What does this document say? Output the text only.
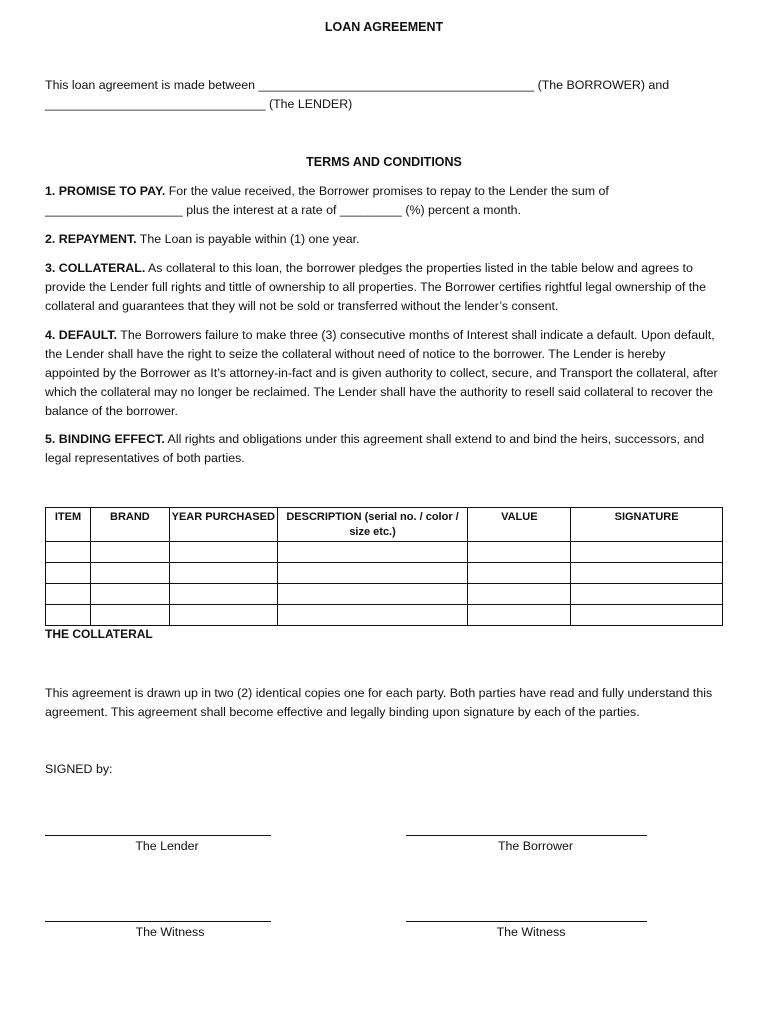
LOAN AGREEMENT
This loan agreement is made between ________________________________________ (The BORROWER) and
________________________________ (The LENDER)
TERMS AND CONDITIONS
1. PROMISE TO PAY. For the value received, the Borrower promises to repay to the Lender the sum of ____________________ plus the interest at a rate of _________ (%) percent a month.
2. REPAYMENT. The Loan is payable within (1) one year.
3. COLLATERAL. As collateral to this loan, the borrower pledges the properties listed in the table below and agrees to provide the Lender full rights and tittle of ownership to all properties. The Borrower certifies rightful legal ownership of the collateral and guarantees that they will not be sold or transferred without the lender’s consent.
4. DEFAULT. The Borrowers failure to make three (3) consecutive months of Interest shall indicate a default. Upon default, the Lender shall have the right to seize the collateral without need of notice to the borrower. The Lender is hereby appointed by the Borrower as It’s attorney-in-fact and is given authority to collect, secure, and Transport the collateral, after which the collateral may no longer be reclaimed. The Lender shall have the authority to resell said collateral to recover the balance of the borrower.
5. BINDING EFFECT. All rights and obligations under this agreement shall extend to and bind the heirs, successors, and legal representatives of both parties.
ITEM	BRAND	YEAR PURCHASED	DESCRIPTION (serial no. / color / size etc.)	VALUE	SIGNATURE

THE COLLATERAL
This agreement is drawn up in two (2) identical copies one for each party. Both parties have read and fully understand this agreement. This agreement shall become effective and legally binding upon signature by each of the parties.
SIGNED by:
The Lender	The Borrower
The Witness	The Witness
